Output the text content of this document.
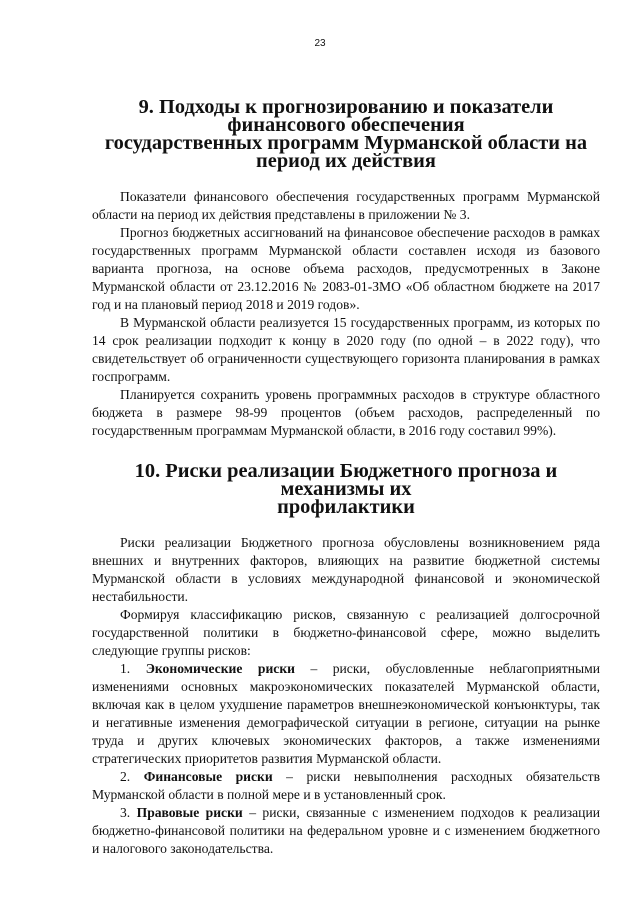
23
9. Подходы к прогнозированию и показатели финансового обеспечения
государственных программ Мурманской области на период их действия

Показатели финансового обеспечения государственных программ Мурманской области на период их действия представлены в приложении № 3.

Прогноз бюджетных ассигнований на финансовое обеспечение расходов в рамках государственных программ Мурманской области составлен исходя из базового варианта прогноза, на основе объема расходов, предусмотренных в Законе Мурманской области от 23.12.2016 № 2083-01-ЗМО «Об областном бюджете на 2017 год и на плановый период 2018 и 2019 годов».

В Мурманской области реализуется 15 государственных программ, из которых по 14 срок реализации подходит к концу в 2020 году (по одной – в 2022 году), что свидетельствует об ограниченности существующего горизонта планирования в рамках госпрограмм.

Планируется сохранить уровень программных расходов в структуре областного бюджета в размере 98-99 процентов (объем расходов, распределенный по государственным программам Мурманской области, в 2016 году составил 99%).

10. Риски реализации Бюджетного прогноза и механизмы их
профилактики

Риски реализации Бюджетного прогноза обусловлены возникновением ряда внешних и внутренних факторов, влияющих на развитие бюджетной системы Мурманской области в условиях международной финансовой и экономической нестабильности.

Формируя классификацию рисков, связанную с реализацией долгосрочной государственной политики в бюджетно-финансовой сфере, можно выделить следующие группы рисков:

1. Экономические риски – риски, обусловленные неблагоприятными изменениями основных макроэкономических показателей Мурманской области, включая как в целом ухудшение параметров внешнеэкономической конъюнктуры, так и негативные изменения демографической ситуации в регионе, ситуации на рынке труда и других ключевых экономических факторов, а также изменениями стратегических приоритетов развития Мурманской области.

2. Финансовые риски – риски невыполнения расходных обязательств Мурманской области в полной мере и в установленный срок.

3. Правовые риски – риски, связанные с изменением подходов к реализации бюджетно-финансовой политики на федеральном уровне и с изменением бюджетного и налогового законодательства.
